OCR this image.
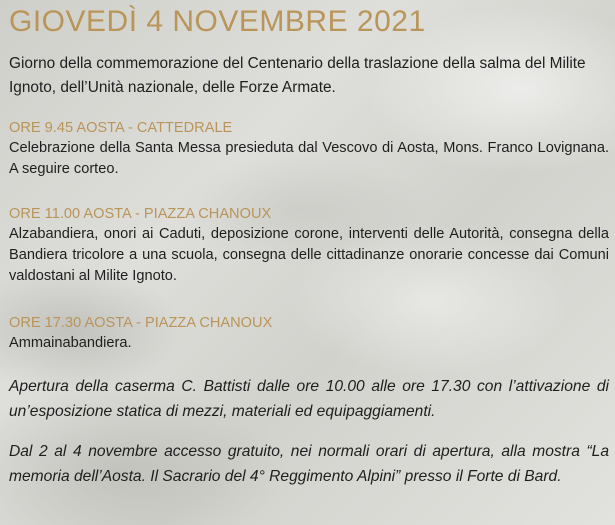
GIOVEDÌ 4 NOVEMBRE 2021

Giorno della commemorazione del Centenario della traslazione della salma del Milite Ignoto, dell’Unità nazionale, delle Forze Armate.

ORE 9.45 AOSTA - CATTEDRALE

Celebrazione della Santa Messa presieduta dal Vescovo di Aosta, Mons. Franco Lovignana. A seguire corteo.

ORE 11.00 AOSTA - PIAZZA CHANOUX

Alzabandiera, onori ai Caduti, deposizione corone, interventi delle Autorità, consegna della Bandiera tricolore a una scuola, consegna delle cittadinanze onorarie concesse dai Comuni valdostani al Milite Ignoto.

ORE 17.30 AOSTA - PIAZZA CHANOUX

Ammainabandiera.

Apertura della caserma C. Battisti dalle ore 10.00 alle ore 17.30 con l’attivazione di un’esposizione statica di mezzi, materiali ed equipaggiamenti.

Dal 2 al 4 novembre accesso gratuito, nei normali orari di apertura, alla mostra “La memoria dell’Aosta. Il Sacrario del 4° Reggimento Alpini” presso il Forte di Bard.
